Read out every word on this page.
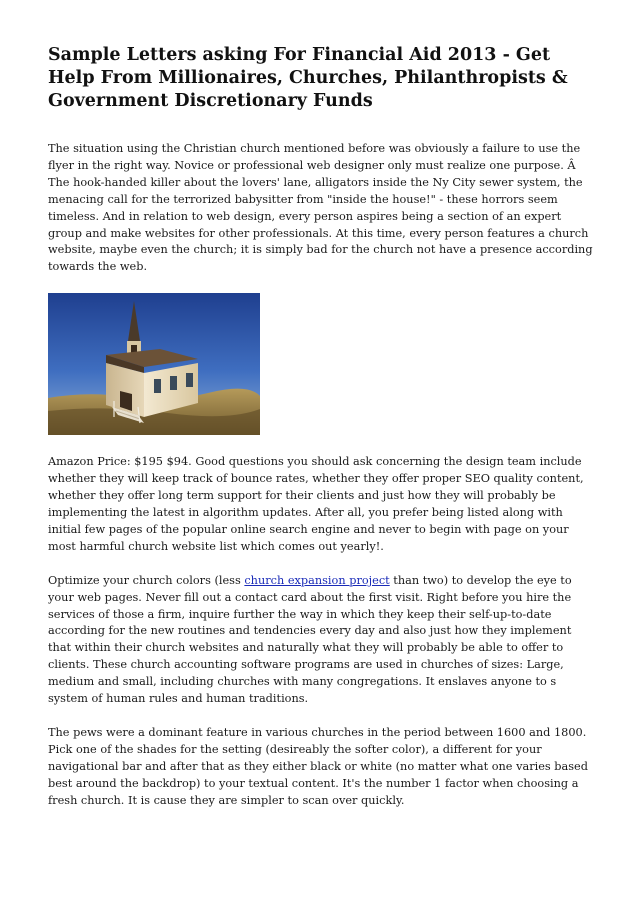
Sample Letters asking For Financial Aid 2013 - Get Help From Millionaires, Churches, Philanthropists & Government Discretionary Funds

The situation using the Christian church mentioned before was obviously a failure to use the flyer in the right way. Novice or professional web designer only must realize one purpose. Â The hook-handed killer about the lovers' lane, alligators inside the Ny City sewer system, the menacing call for the terrorized babysitter from "inside the house!" - these horrors seem timeless. And in relation to web design, every person aspires being a section of an expert group and make websites for other professionals. At this time, every person features a church website, maybe even the church; it is simply bad for the church not have a presence according towards the web.

Amazon Price: $195 $94. Good questions you should ask concerning the design team include whether they will keep track of bounce rates, whether they offer proper SEO quality content, whether they offer long term support for their clients and just how they will probably be implementing the latest in algorithm updates. After all, you prefer being listed along with initial few pages of the popular online search engine and never to begin with page on your most harmful church website list which comes out yearly!.

Optimize your church colors (less church expansion project than two) to develop the eye to your web pages. Never fill out a contact card about the first visit. Right before you hire the services of those a firm, inquire further the way in which they keep their self-up-to-date according for the new routines and tendencies every day and also just how they implement that within their church websites and naturally what they will probably be able to offer to clients. These church accounting software programs are used in churches of sizes: Large, medium and small, including churches with many congregations. It enslaves anyone to s system of human rules and human traditions.

The pews were a dominant feature in various churches in the period between 1600 and 1800. Pick one of the shades for the setting (desireably the softer color), a different for your navigational bar and after that as they either black or white (no matter what one varies based best around the backdrop) to your textual content. It's the number 1 factor when choosing a fresh church. It is cause they are simpler to scan over quickly.
